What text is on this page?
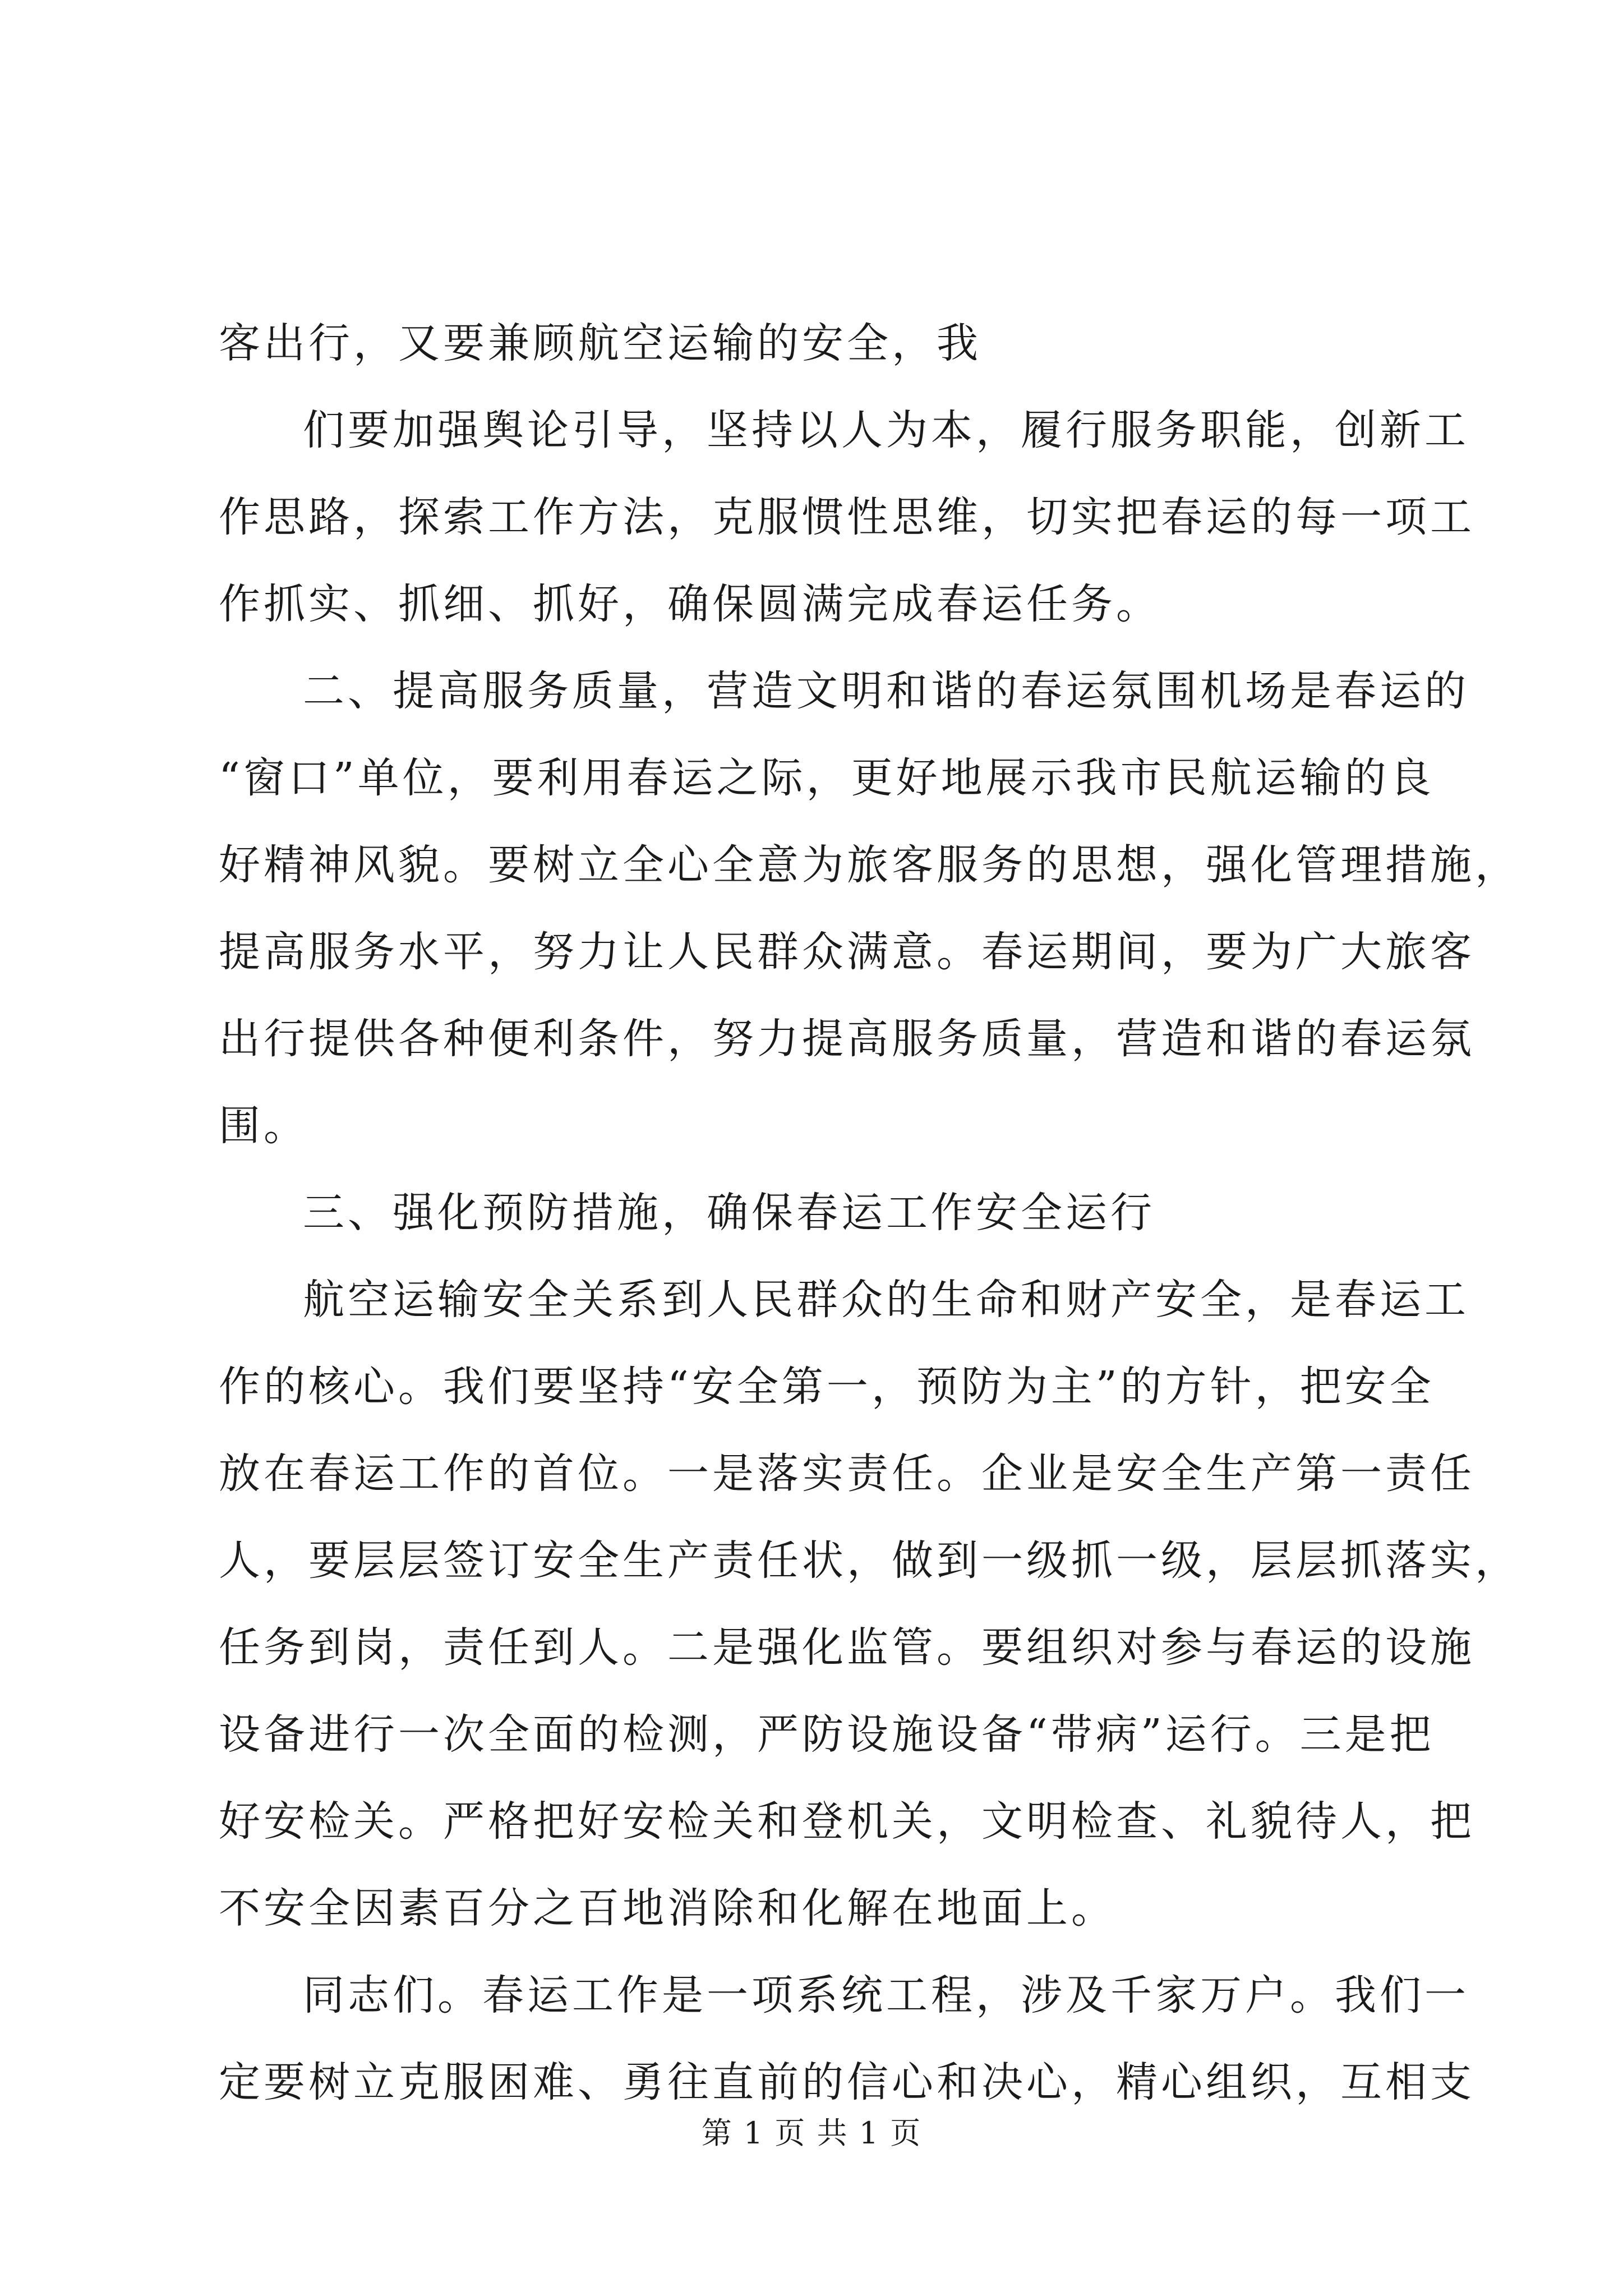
客出行，又要兼顾航空运输的安全，我
们要加强舆论引导，坚持以人为本，履行服务职能，创新工
作思路，探索工作方法，克服惯性思维，切实把春运的每一项工
作抓实、抓细、抓好，确保圆满完成春运任务。
二、提高服务质量，营造文明和谐的春运氛围机场是春运的
“窗口”单位，要利用春运之际，更好地展示我市民航运输的良
好精神风貌。要树立全心全意为旅客服务的思想，强化管理措施，
提高服务水平，努力让人民群众满意。春运期间，要为广大旅客
出行提供各种便利条件，努力提高服务质量，营造和谐的春运氛
围。
三、强化预防措施，确保春运工作安全运行
航空运输安全关系到人民群众的生命和财产安全，是春运工
作的核心。我们要坚持“安全第一，预防为主”的方针，把安全
放在春运工作的首位。一是落实责任。企业是安全生产第一责任
人，要层层签订安全生产责任状，做到一级抓一级，层层抓落实，
任务到岗，责任到人。二是强化监管。要组织对参与春运的设施
设备进行一次全面的检测，严防设施设备“带病”运行。三是把
好安检关。严格把好安检关和登机关，文明检查、礼貌待人，把
不安全因素百分之百地消除和化解在地面上。
同志们。春运工作是一项系统工程，涉及千家万户。我们一
定要树立克服困难、勇往直前的信心和决心，精心组织，互相支
第 1 页 共 1 页
